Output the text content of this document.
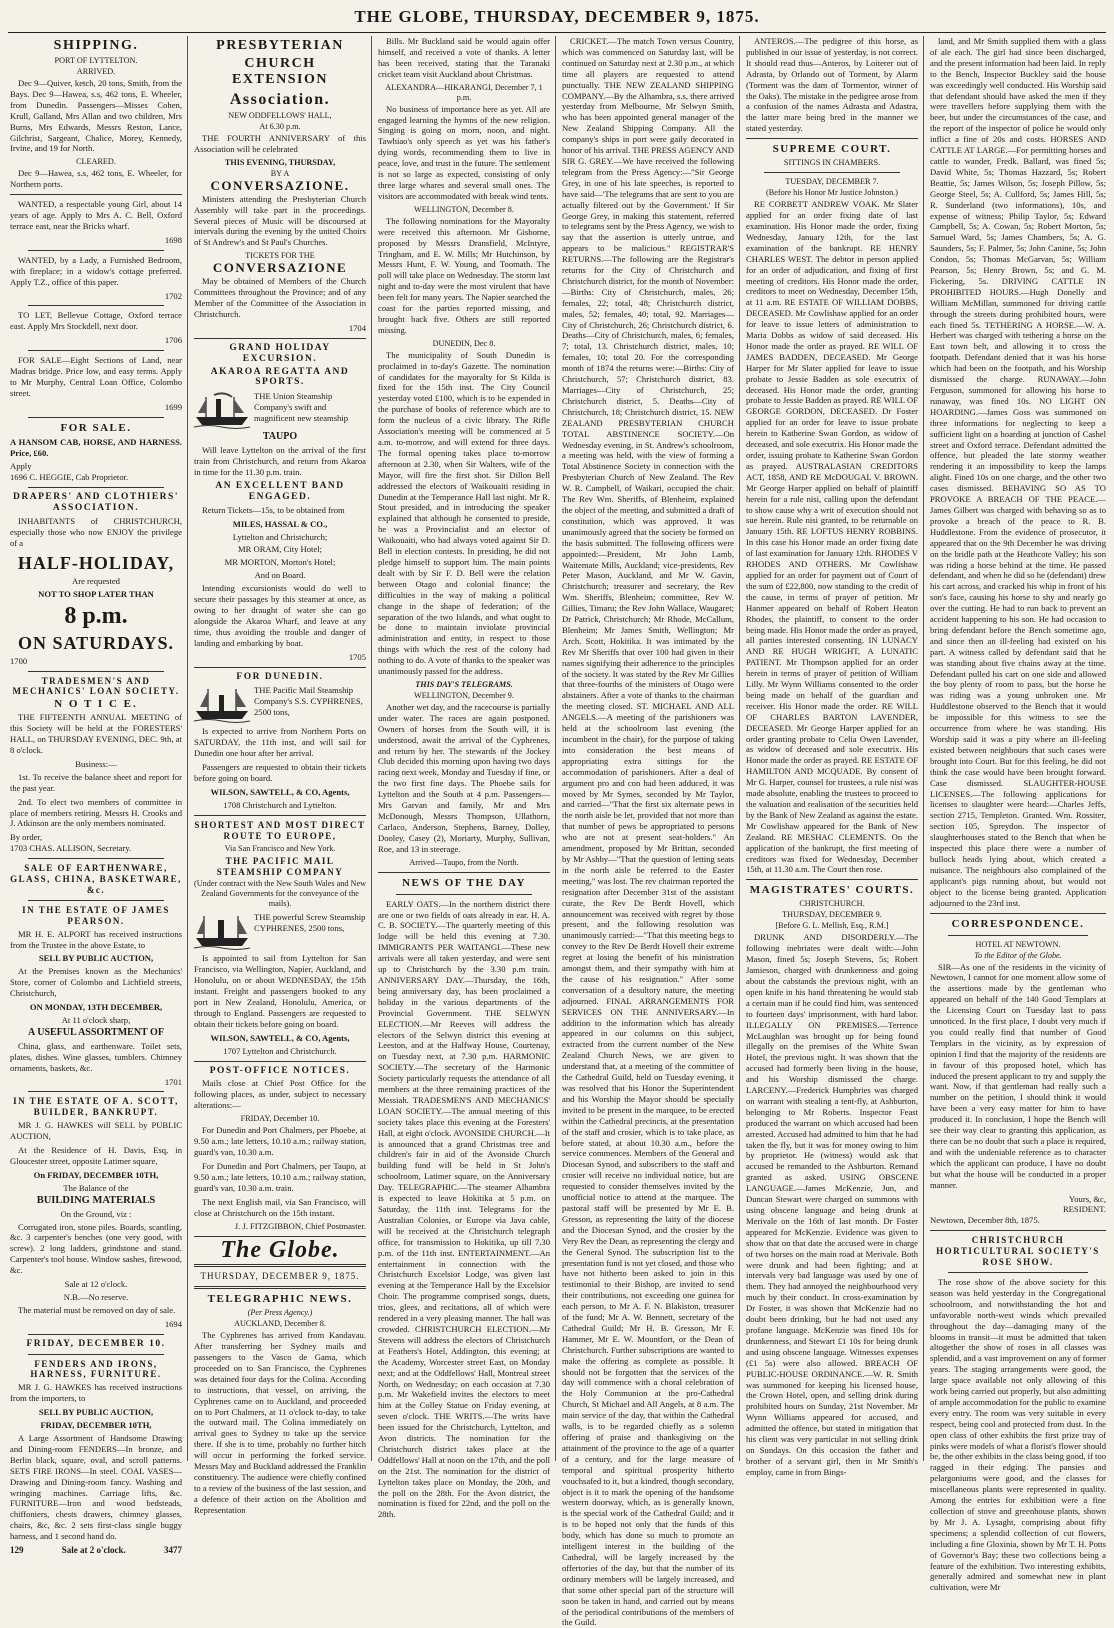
THE GLOBE, THURSDAY, DECEMBER 9, 1875.
SHIPPING.
PORT OF LYTTELTON.
ARRIVED.

Dec 9—Quiver, ketch, 20 tons, Smith, from the Bays. Dec 9—Hawea, s.s, 462 tons, E. Wheeler, from Dunedin. Passengers—Misses Cohen, Krull, Galland, Mrs Allan and two children, Mrs Burns, Mrs Edwards, Messrs Reston, Lance, Gilchrist, Sargeant, Chalice, Morey, Kennedy, Irvine, and 19 for North.

CLEARED.

Dec 9—Hawea, s.s, 462 tons, E. Wheeler, for Northern ports.

WANTED, a respectable young Girl, about 14 years of age. Apply to Mrs A. C. Bell, Oxford terrace east, near the Bricks wharf.

1698

WANTED, by a Lady, a Furnished Bedroom, with fireplace; in a widow's cottage preferred. Apply T.Z., office of this paper.

1702

TO LET, Bellevue Cottage, Oxford terrace east. Apply Mrs Stockdell, next door.

1706

FOR SALE—Eight Sections of Land, near Madras bridge. Price low, and easy terms. Apply to Mr Murphy, Central Loan Office, Colombo street.

1699
FOR SALE.

A HANSOM CAB, HORSE, AND HARNESS. Price, £60.

Apply
1696 C. HEGGIE, Cab Proprietor.
DRAPERS' AND CLOTHIERS' ASSOCIATION.

INHABITANTS of CHRISTCHURCH, especially those who now ENJOY the privilege of a

HALF-HOLIDAY,
Are requested
NOT TO SHOP LATER THAN
8 p.m.
ON SATURDAYS.
1700
TRADESMEN'S AND MECHANICS' LOAN SOCIETY.
N O T I C E.

THE FIFTEENTH ANNUAL MEETING of this Society will be held at the FORESTERS' HALL, on THURSDAY EVENING, DEC. 9th, at 8 o'clock.

Business:—

1st. To receive the balance sheet and report for the past year.

2nd. To elect two members of committee in place of members retiring. Messrs H. Crooks and J. Atkinson are the only members nominated.

By order,
1703 CHAS. ALLISON, Secretary.
SALE OF EARTHENWARE, GLASS, CHINA, BASKETWARE, &c.
IN THE ESTATE OF JAMES PEARSON.

MR H. E. ALPORT has received instructions from the Trustee in the above Estate, to

SELL BY PUBLIC AUCTION,

At the Premises known as the Mechanics' Store, corner of Colombo and Lichfield streets, Christchurch,

ON MONDAY, 13TH DECEMBER,
At 11 o'clock sharp,
A USEFUL ASSORTMENT OF

China, glass, and earthenware. Toilet sets, plates, dishes. Wine glasses, tumblers. Chimney ornaments, baskets, &c.

1701
IN THE ESTATE OF A. SCOTT, BUILDER, BANKRUPT.

MR J. G. HAWKES will SELL by PUBLIC AUCTION,

At the Residence of H. Davis, Esq, in Gloucester street, opposite Latimer square,

On FRIDAY, DECEMBER 10TH,
The Balance of the
BUILDING MATERIALS
On the Ground, viz :

Corrugated iron, stone piles. Boards, scantling, &c. 3 carpenter's benches (one very good, with screw). 2 long ladders, grindstone and stand. Carpenter's tool house. Window sashes, firewood, &c.

Sale at 12 o'clock.
N.B.—No reserve.

The material must be removed on day of sale.

1694
FRIDAY, DECEMBER 10.
FENDERS AND IRONS, HARNESS, FURNITURE.

MR J. G. HAWKES has received instructions from the importers, to

SELL BY PUBLIC AUCTION,
FRIDAY, DECEMBER 10TH,

A Large Assortment of Handsome Drawing and Dining-room FENDERS—In bronze, and Berlin black, square, oval, and scroll patterns. SETS FIRE IRONS—In steel. COAL VASES—Drawing and Dining-room fancy. Washing and wringing machines. Carriage lifts, &c. FURNITURE—Iron and wood bedsteads, chiffoniers, chests drawers, chimney glasses, chairs, &c, &c. 2 sets first-class single buggy harness, and 1 second hand do.

129	Sale at 2 o'clock.	3477
PRESBYTERIAN
CHURCH EXTENSION
Association.
NEW ODDFELLOWS' HALL,
At 6.30 p.m.

THE FOURTH ANNIVERSARY of this Association will be celebrated

THIS EVENING, THURSDAY,
BY A
CONVERSAZIONE.

Ministers attending the Presbyterian Church Assembly will take part in the proceedings. Several pieces of Music will be discoursed at intervals during the evening by the united Choirs of St Andrew's and St Paul's Churches.

TICKETS FOR THE
CONVERSAZIONE

May be obtained of Members of the Church Committees throughout the Province; and of any Member of the Committee of the Association in Christchurch.

1704
GRAND HOLIDAY EXCURSION.
AKAROA REGATTA AND SPORTS.
THE Union Steamship Company's swift and magnificent new steamship
TAUPO

Will leave Lyttelton on the arrival of the first train from Christchurch, and return from Akaroa in time for the 11.30 p.m. train.

AN EXCELLENT BAND ENGAGED.

Return Tickets—15s, to be obtained from

MILES, HASSAL & CO.,
Lyttelton and Christchurch;
MR ORAM, City Hotel;
MR MORTON, Morton's Hotel;
And on Board.

Intending excursionists would do well to secure their passages by this steamer at once, as owing to her draught of water she can go alongside the Akaroa Wharf, and leave at any time, thus avoiding the trouble and danger of landing and embarking by boat.

1705
FOR DUNEDIN.
THE Pacific Mail Steamship Company's S.S. CYPHRENES, 2500 tons,

Is expected to arrive from Northern Ports on SATURDAY, the 11th inst, and will sail for Dunedin one hour after her arrival.

Passengers are requested to obtain their tickets before going on board.

WILSON, SAWTELL, & CO, Agents,
1708 Christchurch and Lyttelton.
SHORTEST AND MOST DIRECT ROUTE TO EUROPE,
Via San Francisco and New York.
THE PACIFIC MAIL STEAMSHIP COMPANY
(Under contract with the New South Wales and New Zealand Governments for the conveyance of the mails).
THE powerful Screw Steamship CYPHRENES, 2500 tons,

Is appointed to sail from Lyttelton for San Francisco, via Wellington, Napier, Auckland, and Honolulu, on or about WEDNESDAY, the 15th instant. Freight and passengers booked to any port in New Zealand, Honolulu, America, or through to England. Passengers are requested to obtain their tickets before going on board.

WILSON, SAWTELL, & CO, Agents,
1707 Lyttelton and Christchurch.
POST-OFFICE NOTICES.

Mails close at Chief Post Office for the following places, as under, subject to necessary alterations:—

FRIDAY, December 10.

For Dunedin and Port Chalmers, per Phoebe, at 9.50 a.m.; late letters, 10.10 a.m.; railway station, guard's van, 10.30 a.m.

For Dunedin and Port Chalmers, per Taupo, at 9.50 a.m.; late letters, 10.10 a.m.; railway station, guard's van, 10.30 a.m. train.

The next English mail, via San Francisco, will close at Christchurch on the 15th instant.

J. J. FITZGIBBON, Chief Postmaster.
The Globe.
THURSDAY, DECEMBER 9, 1875.
TELEGRAPHIC NEWS.
(Per Press Agency.)
AUCKLAND, December 8.

The Cyphrenes has arrived from Kandavau. After transferring her Sydney mails and passengers to the Vasco de Gama, which proceeded on to San Francisco, the Cyphrenes was detained four days for the Colina. According to instructions, that vessel, on arriving, the Cyphrenes came on to Auckland, and proceeded on to Port Chalmers, at 11 o'clock to-day, to take the outward mail. The Colina immediately on arrival goes to Sydney to take up the service there. If she is to time, probably no further hitch will occur in performing the forked service. Messrs May and Buckland addressed the Franklin constituency. The audience were chiefly confined to a review of the business of the last session, and a defence of their action on the Abolition and Representation

Bills. Mr Buckland said he would again offer himself, and received a vote of thanks. A letter has been received, stating that the Taranaki cricket team visit Auckland about Christmas.

ALEXANDRA—HIKARANGI, December 7, 1 p.m.

No business of importance here as yet. All are engaged learning the hymns of the new religion. Singing is going on morn, noon, and night. Tawhiao's only speech as yet was his father's dying words, recommending them to live in peace, love, and trust in the future. The settlement is not so large as expected, consisting of only three large whares and several small ones. The visitors are accommodated with break wind tents.

WELLINGTON, December 8.

The following nominations for the Mayoralty were received this afternoon. Mr Gisborne, proposed by Messrs Dransfield, McIntyre, Tringham, and E. W. Mills; Mr Hutchinson, by Messrs Hunt, F. W. Young, and Toomath. The poll will take place on Wednesday. The storm last night and to-day were the most virulent that have been felt for many years. The Napier searched the coast for the parties reported missing, and brought back five. Others are still reported missing.

DUNEDIN, Dec 8.

The municipality of South Dunedin is proclaimed in to-day's Gazette. The nomination of candidates for the mayoralty for St Kilda is fixed for the 15th inst. The City Council yesterday voted £100, which is to be expended in the purchase of books of reference which are to form the nucleus of a civic library. The Rifle Association's meeting will be commenced at 5 a.m. to-morrow, and will extend for three days. The formal opening takes place to-morrow afternoon at 2.30, when Sir Walters, wife of the Mayor, will fire the first shot. Sir Dillon Bell addressed the electors of Waikouaiti residing in Dunedin at the Temperance Hall last night. Mr R. Stout presided, and in introducing the speaker explained that although he consented to preside, he was a Provincialist and an elector of Waikouaiti, who had always voted against Sir D. Bell in election contests. In presiding, he did not pledge himself to support him. The main points dealt with by Sir F. D. Bell were the relation between Otago and colonial finance; the difficulties in the way of making a political change in the shape of federation; of the separation of the two Islands, and what ought to be done to maintain inviolate provincial administration and entity, in respect to those things with which the rest of the colony had nothing to do. A vote of thanks to the speaker was unanimously passed for the address.

THIS DAY'S TELEGRAMS.
WELLINGTON, December 9.

Another wet day, and the racecourse is partially under water. The races are again postponed. Owners of horses from the South will, it is understood, await the arrival of the Cyphrenes, and return by her. The stewards of the Jockey Club decided this morning upon having two days racing next week, Monday and Tuesday if fine, or the two first fine days. The Phoebe sails for Lyttelton and the South at 4 p.m. Passengers—Mrs Garvan and family, Mr and Mrs McDonough, Messrs Thompson, Ullathorn, Carlaco, Anderson, Stephens, Barney, Dolley, Dooley, Casey (2), Moriarty, Murphy, Sullivan, Roe, and 13 in steerage.

Arrived—Taupo, from the North.
NEWS OF THE DAY

EARLY OATS.—In the northern district there are one or two fields of oats already in ear. H. A. C. B. SOCIETY.—The quarterly meeting of this lodge will be held this evening at 7.30. IMMIGRANTS PER WAITANGI.—These new arrivals were all taken yesterday, and were sent up to Christchurch by the 3.30 p.m train. ANNIVERSARY DAY.—Thursday, the 16th, being anniversary day, has been proclaimed a holiday in the various departments of the Provincial Government. THE SELWYN ELECTION.—Mr Reeves will address the electors of the Selwyn district this evening at Leeston, and at the Halfway House, Courtenay, on Tuesday next, at 7.30 p.m. HARMONIC SOCIETY.—The secretary of the Harmonic Society particularly requests the attendance of all members at the three remaining practices of the Messiah. TRADESMEN'S AND MECHANICS' LOAN SOCIETY.—The annual meeting of this society takes place this evening at the Foresters' Hall, at eight o'clock. AVONSIDE CHURCH.—It is announced that a grand Christmas tree and children's fair in aid of the Avonside Church building fund will be held in St John's schoolroom, Latimer square, on the Anniversary Day. TELEGRAPHIC.—The steamer Alhambra is expected to leave Hokitika at 5 p.m. on Saturday, the 11th inst. Telegrams for the Australian Colonies, or Europe via Java cable, will be received at the Christchurch telegraph office, for transmission to Hokitika, up till 7.30 p.m. of the 11th inst. ENTERTAINMENT.—An entertainment in connection with the Christchurch Excelsior Lodge, was given last evening at the Temperance Hall by the Excelsior Choir. The programme comprised songs, duets, trios, glees, and recitations, all of which were rendered in a very pleasing manner. The hall was crowded. CHRISTCHURCH ELECTION.—Mr Stevens will address the electors of Christchurch at Feathers's Hotel, Addington, this evening; at the Academy, Worcester street East, on Monday next; and at the Oddfellows' Hall, Montreal street North, on Wednesday; on each occasion at 7.30 p.m. Mr Wakefield invites the electors to meet him at the Colley Statue on Friday evening, at seven o'clock. THE WRITS.—The writs have been issued for the Christchurch, Lyttelton, and Avon districts. The nomination for the Christchurch district takes place at the Oddfellows' Hall at noon on the 17th, and the poll on the 21st. The nomination for the district of Lyttelton takes place on Monday, the 20th, and the poll on the 28th. For the Avon district, the nomination is fixed for 22nd, and the poll on the 28th.

CRICKET.—The match Town versus Country, which was commenced on Saturday last, will be continued on Saturday next at 2.30 p.m., at which time all players are requested to attend punctually. THE NEW ZEALAND SHIPPING COMPANY.—By the Alhambra, s.s, there arrived yesterday from Melbourne, Mr Selwyn Smith, who has been appointed general manager of the New Zealand Shipping Company. All the company's ships in port were gaily decorated in honor of his arrival. THE PRESS AGENCY AND SIR G. GREY.—We have received the following telegram from the Press Agency:—"Sir George Grey, in one of his late speeches, is reported to have said—'The telegrams that are sent to you are actually filtered out by the Government.' If Sir George Grey, in making this statement, referred to telegrams sent by the Press Agency, we wish to say that the assertion is utterly untrue, and appears to be malicious." REGISTRAR'S RETURNS.—The following are the Registrar's returns for the City of Christchurch and Christchurch district, for the month of November:—Births: City of Christchurch, males, 26; females, 22; total, 48; Christchurch district, males, 52; females, 40; total, 92. Marriages—City of Christchurch, 26; Christchurch district, 6. Deaths—City of Christchurch, males, 6; females, 7; total, 13. Christchurch district, males, 10; females, 10; total 20. For the corresponding month of 1874 the returns were:—Births: City of Christchurch, 57; Christchurch district, 83. Marriages—City of Christchurch, 25; Christchurch district, 5. Deaths—City of Christchurch, 18; Christchurch district, 15. NEW ZEALAND PRESBYTERIAN CHURCH TOTAL ABSTINENCE SOCIETY.—On Wednesday evening, in St. Andrew's schoolroom, a meeting was held, with the view of forming a Total Abstinence Society in connection with the Presbyterian Church of New Zealand. The Rev W. R. Campbell, of Waikari, occupied the chair. The Rev Wm. Sheriffs, of Blenheim, explained the object of the meeting, and submitted a draft of constitution, which was approved. It was unanimously agreed that the society be formed on the basis submitted. The following officers were appointed:—President, Mr John Lamb, Waitemate Mills, Auckland; vice-presidents, Rev Peter Mason, Auckland, and Mr W. Gavin, Christchurch; treasurer and secretary, the Rev Wm. Sheriffs, Blenheim; committee, Rev W. Gillies, Timaru; the Rev John Wallace, Waugaret; Dr Patrick, Christchurch; Mr Rhode, McCallum, Blenheim; Mr James Smith, Wellington; Mr Arch. Scott, Hokitika. It was intimated by the Rev Mr Sheriffs that over 100 had given in their names signifying their adherence to the principles of the society. It was stated by the Rev Mr Gillies that three-fourths of the ministers of Otago were abstainers. After a vote of thanks to the chairman the meeting closed. ST. MICHAEL AND ALL ANGELS.—A meeting of the parishioners was held at the schoolroom last evening (the incumbent in the chair), for the purpose of taking into consideration the best means of appropriating extra sittings for the accommodation of parishioners. After a deal of argument pro and con had been adduced, it was moved by Mr Symes, seconded by Mr Taylor, and carried—"That the first six alternate pews in the north aisle be let, provided that not more than that number of pews be appropriated to persons who are not at present seat-holders." An amendment, proposed by Mr Brittan, seconded by Mr Ashby—"That the question of letting seats in the north aisle be referred to the Easter meeting," was lost. The rev chairman reported the resignation after December 31st of the assistant curate, the Rev De Berdt Hovell, which announcement was received with regret by those present, and the following resolution was unanimously carried:—"That this meeting begs to convey to the Rev De Berdt Hovell their extreme regret at losing the benefit of his ministration amongst them, and their sympathy with him at the cause of his resignation." After some conversation of a desultory nature, the meeting adjourned. FINAL ARRANGEMENTS FOR SERVICES ON THE ANNIVERSARY.—In addition to the information which has already appeared in our columns on this subject, extracted from the current number of the New Zealand Church News, we are given to understand that, at a meeting of the committee of the Cathedral Guild, held on Tuesday evening, it was resolved that his Honor the Superintendent and his Worship the Mayor should be specially invited to be present in the marquee, to be erected within the Cathedral precincts, at the presentation of the staff and crosier, which is to take place, as before stated, at about 10.30 a.m., before the service commences. Members of the General and Diocesan Synod, and subscribers to the staff and crosier will receive no individual notice, but are requested to consider themselves invited by the unofficial notice to attend at the marquee. The pastoral staff will be presented by Mr E. B. Gresson, as representing the laity of the diocese and the Diocesan Synod, and the crosier by the Very Rev the Dean, as representing the clergy and the General Synod. The subscription list to the presentation fund is not yet closed, and those who have not hitherto been asked to join in this testimonial to their Bishop, are invited to send their contributions, not exceeding one guinea for each person, to Mr A. F. N. Blakiston, treasurer of the fund; Mr A. W. Bennett, secretary of the Cathedral Guild; Mr H. B. Gresson, Mr F. Hammer, Mr E. W. Mountfort, or the Dean of Christchurch. Further subscriptions are wanted to make the offering as complete as possible. It should not be forgotten that the services of the day will commence with a choral celebration of the Holy Communion at the pro-Cathedral Church, St Michael and All Angels, at 8 a.m. The main service of the day, that within the Cathedral walls, is to be regarded chiefly as a solemn offering of praise and thanksgiving on the attainment of the province to the age of a quarter of a century, and for the large measure of temporal and spiritual prosperity hitherto vouchsafed to it, but a kindred, though secondary, object is it to mark the opening of the handsome western doorway, which, as is generally known, is the special work of the Cathedral Guild; and it is to be hoped not only that the funds of this body, which has done so much to promote an intelligent interest in the building of the Cathedral, will be largely increased by the offertories of the day, but that the number of its ordinary members will be largely increased, and that some other special part of the structure will soon be taken in hand, and carried out by means of the periodical contributions of the members of the Guild.

ANTEROS.—The pedigree of this horse, as published in our issue of yesterday, is not correct. It should read thus—Anteros, by Loiterer out of Adrasta, by Orlando out of Torment, by Alarm (Torment was the dam of Tormentor, winner of the Oaks). The mistake in the pedigree arose from a confusion of the names Adrasta and Adastra, the latter mare being bred in the manner we stated yesterday.

SUPREME COURT.
SITTINGS IN CHAMBERS.
TUESDAY, DECEMBER 7.
(Before his Honor Mr Justice Johnston.)

RE CORBETT ANDREW VOAK. Mr Slater applied for an order fixing date of last examination. His Honor made the order, fixing Wednesday, January 12th, for the last examination of the bankrupt. RE HENRY CHARLES WEST. The debtor in person applied for an order of adjudication, and fixing of first meeting of creditors. His Honor made the order, creditors to meet on Wednesday, December 15th, at 11 a.m. RE ESTATE OF WILLIAM DOBBS, DECEASED. Mr Cowlishaw applied for an order for leave to issue letters of administration to Maria Dobbs as widow of said deceased. His Honor made the order as prayed. RE WILL OF JAMES BADDEN, DECEASED. Mr George Harper for Mr Slater applied for leave to issue probate to Jessie Badden as sole executrix of deceased. His Honor made the order, granting probate to Jessie Badden as prayed. RE WILL OF GEORGE GORDON, DECEASED. Dr Foster applied for an order for leave to issue probate herein to Katherine Swan Gordon, as widow of deceased, and sole executrix. His Honor made the order, issuing probate to Katherine Swan Gordon as prayed. AUSTRALASIAN CREDITORS ACT, 1858, AND RE McDOUGAL V. BROWN. Mr George Harper applied on behalf of plaintiff herein for a rule nisi, calling upon the defendant to show cause why a writ of execution should not sue herein. Rule nisi granted, to be returnable on January 15th. RE LOFTUS HENRY ROBBINS. In this case his Honor made an order fixing date of last examination for January 12th. RHODES V RHODES AND OTHERS. Mr Cowlishaw applied for an order for payment out of Court of the sum of £22,800, now standing to the credit of the cause, in terms of prayer of petition. Mr Hanmer appeared on behalf of Robert Heaton Rhodes, the plaintiff, to consent to the order being made. His Honor made the order as prayed, all parties interested consenting. IN LUNACY AND RE HUGH WRIGHT, A LUNATIC PATIENT. Mr Thompson applied for an order herein in terms of prayer of petition of William Lilly. Mr Wynn Williams consented to the order being made on behalf of the guardian and receiver. His Honor made the order. RE WILL OF CHARLES BARTON LAVENDER, DECEASED. Mr George Harper applied for an order granting probate to Celia Owen Lavender, as widow of deceased and sole executrix. His Honor made the order as prayed. RE ESTATE OF HAMILTON AND MCQUADE. By consent of Mr G. Harper, counsel for trustees, a rule nisi was made absolute, enabling the trustees to proceed to the valuation and realisation of the securities held by the Bank of New Zealand as against the estate. Mr Cowlishaw appeared for the Bank of New Zealand. RE MESHAC CLEMENTS. On the application of the bankrupt, the first meeting of creditors was fixed for Wednesday, December 15th, at 11.30 a.m. The Court then rose.

MAGISTRATES' COURTS.
CHRISTCHURCH.
THURSDAY, DECEMBER 9.
[Before G. L. Mellish, Esq., R.M.]

DRUNK AND DISORDERLY.—The following inebriates were dealt with:—John Mason, fined 5s; Joseph Stevens, 5s; Robert Jamieson, charged with drunkenness and going about the cabstands the previous night, with an open knife in his hand threatening he would stab a certain man if he could find him, was sentenced to fourteen days' imprisonment, with hard labor. ILLEGALLY ON PREMISES.—Terrence McLaughlan was brought up for being found illegally on the premises of the White Swan Hotel, the previous night. It was shown that the accused had formerly been living in the house, and his Worship dismissed the charge. LARCENY.—Frederick Humphries was charged on warrant with stealing a tent-fly, at Ashburton, belonging to Mr Roberts. Inspector Feast produced the warrant on which accused had been arrested. Accused had admitted to him that he had taken the fly, but it was for money owing to him by proprietor. He (witness) would ask that accused be remanded to the Ashburton. Remand granted as asked. USING OBSCENE LANGUAGE.—James McKenzie, Jun, and Duncan Stewart were charged on summons with using obscene language and being drunk at Merivale on the 16th of last month. Dr Foster appeared for McKenzie. Evidence was given to show that on that date the accused were in charge of two horses on the main road at Merivale. Both were drunk and had been fighting; and at intervals very bad language was used by one of them. They had annoyed the neighbourhood very much by their conduct. In cross-examination by Dr Foster, it was shown that McKenzie had no doubt been drinking, but he had not used any profane language. McKenzie was fined 10s for drunkenness, and Stewart £1 10s for being drunk and using obscene language. Witnesses expenses (£1 5s) were also allowed. BREACH OF PUBLIC-HOUSE ORDINANCE.—W. R. Smith was summoned for keeping his licensed house, the Crown Hotel, open, and selling drink during prohibited hours on Sunday, 21st November. Mr Wynn Williams appeared for accused, and admitted the offence, but stated in mitigation that his client was very particular in not selling drink on Sundays. On this occasion the father and brother of a servant girl, then in Mr Smith's employ, came in from Bings-

land, and Mr Smith supplied them with a glass of ale each. The girl had since been discharged, and the present information had been laid. In reply to the Bench, Inspector Buckley said the house was exceedingly well conducted. His Worship said that defendant should have asked the men if they were travellers before supplying them with the beer, but under the circumstances of the case, and the report of the inspector of police he would only inflict a fine of 20s and costs. HORSES AND CATTLE AT LARGE.—For permitting horses and cattle to wander, Fredk. Ballard, was fined 5s; David White, 5s; Thomas Hazzard, 5s; Robert Beattie, 5s; James Wilson, 5s; Joseph Pillow, 5s; George Steel, 5s; A. Cullford, 5s; James Hill, 5s; R. Sunderland (two informations), 10s, and expense of witness; Philip Taylor, 5s; Edward Campbell, 5s; A. Cowan, 5s; Robert Morton, 5s; Samuel Ward, 5s; James Chambers, 5s; A. G. Saunders, 5s; F. Palmer, 5s; John Canine, 5s; John Condon, 5s; Thomas McGarvan, 5s; William Pearson, 5s; Henry Brown, 5s; and G. M. Fickering, 5s. DRIVING CATTLE IN PROHIBITED HOURS.—Hugh Donelly and William McMillan, summoned for driving cattle through the streets during prohibited hours, were each fined 5s. TETHERING A HORSE.—W. A. Herbert was charged with tethering a horse on the East town belt, and allowing it to cross the footpath. Defendant denied that it was his horse which had been on the footpath, and his Worship dismissed the charge. RUNAWAY.—John Ferguson, summoned for allowing his horse to runaway, was fined 10s. NO LIGHT ON HOARDING.—James Goss was summoned on three informations for neglecting to keep a sufficient light on a hoarding at junction of Cashel street and Oxford terrace. Defendant admitted the offence, but pleaded the late stormy weather rendering it an impossibility to keep the lamps alight. Fined 10s on one charge, and the other two cases dismissed. BEHAVING SO AS TO PROVOKE A BREACH OF THE PEACE.—James Gilbert was charged with behaving so as to provoke a breach of the peace to R. B. Huddlestone. From the evidence of prosecutor, it appeared that on the 9th December he was driving on the bridle path at the Heathcote Valley; his son was riding a horse behind at the time. He passed defendant, and when he did so he (defendant) drew his cart across, and cracked his whip in front of his son's face, causing his horse to shy and nearly go over the cutting. He had to run back to prevent an accident happening to his son. He had occasion to bring defendant before the Bench sometime ago, and since then an ill-feeling had existed on his part. A witness called by defendant said that he was standing about five chains away at the time. Defendant pulled his cart on one side and allowed the boy plenty of room to pass, but the horse he was riding was a young unbroken one. Mr Huddlestone observed to the Bench that it would be impossible for this witness to see the occurrence from where he was standing. His Worship said it was a pity where an ill-feeling existed between neighbours that such cases were brought into Court. But for this feeling, he did not think the case would have been brought forward. Case dismissed. SLAUGHTER-HOUSE LICENSES.—The following applications for licenses to slaughter were heard:—Charles Jeffs, section 2715, Templeton. Granted. Wm. Rossiter, section 105, Spreydon. The inspector of slaughterhouses stated to the Bench that when he inspected this place there were a number of bullock heads lying about, which created a nuisance. The neighbours also complained of the applicant's pigs running about, but would not object to the license being granted. Application adjourned to the 23rd inst.

CORRESPONDENCE.
HOTEL AT NEWTOWN.
To the Editor of the Globe.

SIR—As one of the residents in the vicinity of Newtown, I cannot for one moment allow some of the assertions made by the gentleman who appeared on behalf of the 140 Good Templars at the Licensing Court on Tuesday last to pass unnoticed. In the first place, I doubt very much if you could really find that number of Good Templars in the vicinity, as by expression of opinion I find that the majority of the residents are in favour of this proposed hotel, which has induced the present applicant to try and supply the want. Now, if that gentleman had really such a number on the petition, I should think it would have been a very easy matter for him to have produced it. In conclusion, I hope the Bench will see their way clear to granting this application, as there can be no doubt that such a place is required, and with the undeniable reference as to character which the applicant can produce, I have no doubt but what the house will be conducted in a proper manner.

Yours, &c,
RESIDENT.
Newtown, December 8th, 1875.
CHRISTCHURCH HORTICULTURAL SOCIETY'S ROSE SHOW.

The rose show of the above society for this season was held yesterday in the Congregational schoolroom, and notwithstanding the hot and unfavorable north-west winds which prevailed throughout the day—damaging many of the blooms in transit—it must be admitted that taken altogether the show of roses in all classes was splendid, and a vast improvement on any of former years. The staging arrangements were good, the large space available not only allowing of this work being carried out properly, but also admitting of ample accommodation for the public to examine every entry. The room was very suitable in every respect, being cool and protected from dust. In the open class of other exhibits the first prize tray of pinks were models of what a florist's flower should be, the other exhibits in the class being good, if too ragged in their edging. The pansies and pelargoniums were good, and the classes for miscellaneous plants were represented in quality. Among the entries for exhibition were a fine collection of stove and greenhouse plants, shown by Mr J. A. Lysaght, comprising about fifty specimens; a splendid collection of cut flowers, including a fine Gloxinia, shown by Mr T. H. Potts of Governor's Bay; these two collections being a feature of the exhibition. Two interesting exhibits, generally admired and somewhat new in plant cultivation, were Mr
